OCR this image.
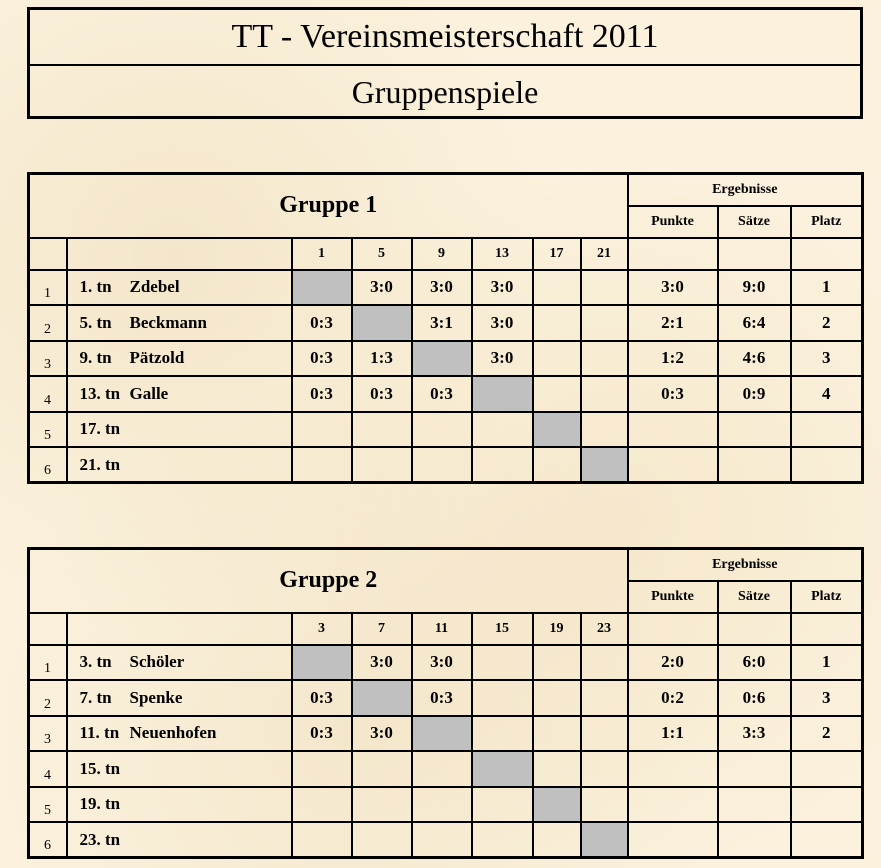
TT - Vereinsmeisterschaft 2011
Gruppenspiele
Gruppe 1								Ergebnisse		
								Punkte	Sätze	Platz
		1	5	9	13	17	21			
1	1. tn Zdebel		3:0	3:0	3:0			3:0	9:0	1
2	5. tn Beckmann	0:3		3:1	3:0			2:1	6:4	2
3	9. tn Pätzold	0:3	1:3		3:0			1:2	4:6	3
4	13. tn Galle	0:3	0:3	0:3				0:3	0:9	4
5	17. tn									
6	21. tn									
Gruppe 2								Ergebnisse		
								Punkte	Sätze	Platz
		3	7	11	15	19	23			
1	3. tn Schöler		3:0	3:0				2:0	6:0	1
2	7. tn Spenke	0:3		0:3				0:2	0:6	3
3	11. tn Neuenhofen	0:3	3:0					1:1	3:3	2
4	15. tn									
5	19. tn									
6	23. tn									
